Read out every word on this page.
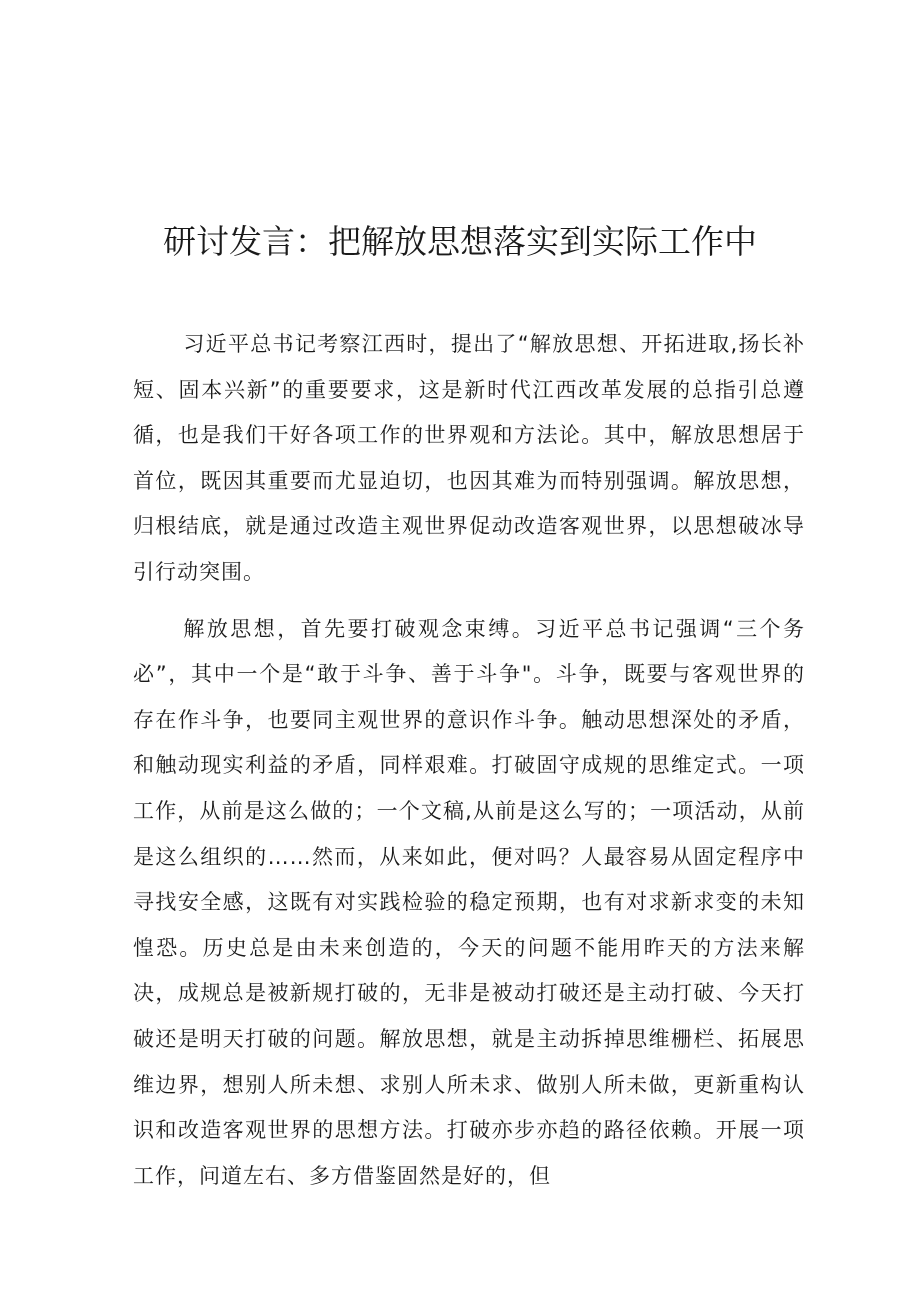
研讨发言：把解放思想落实到实际工作中

习近平总书记考察江西时，提出了“解放思想、开拓进取,扬长补短、固本兴新”的重要要求，这是新时代江西改革发展的总指引总遵循，也是我们干好各项工作的世界观和方法论。其中，解放思想居于首位，既因其重要而尤显迫切，也因其难为而特别强调。解放思想，归根结底，就是通过改造主观世界促动改造客观世界，以思想破冰导引行动突围。

解放思想，首先要打破观念束缚。习近平总书记强调“三个务必”，其中一个是“敢于斗争、善于斗争"。斗争，既要与客观世界的存在作斗争，也要同主观世界的意识作斗争。触动思想深处的矛盾，和触动现实利益的矛盾，同样艰难。打破固守成规的思维定式。一项工作，从前是这么做的；一个文稿,从前是这么写的；一项活动，从前是这么组织的……然而，从来如此，便对吗？人最容易从固定程序中寻找安全感，这既有对实践检验的稳定预期，也有对求新求变的未知惶恐。历史总是由未来创造的，今天的问题不能用昨天的方法来解决，成规总是被新规打破的，无非是被动打破还是主动打破、今天打破还是明天打破的问题。解放思想，就是主动拆掉思维栅栏、拓展思维边界，想别人所未想、求别人所未求、做别人所未做，更新重构认识和改造客观世界的思想方法。打破亦步亦趋的路径依赖。开展一项工作，问道左右、多方借鉴固然是好的，但
